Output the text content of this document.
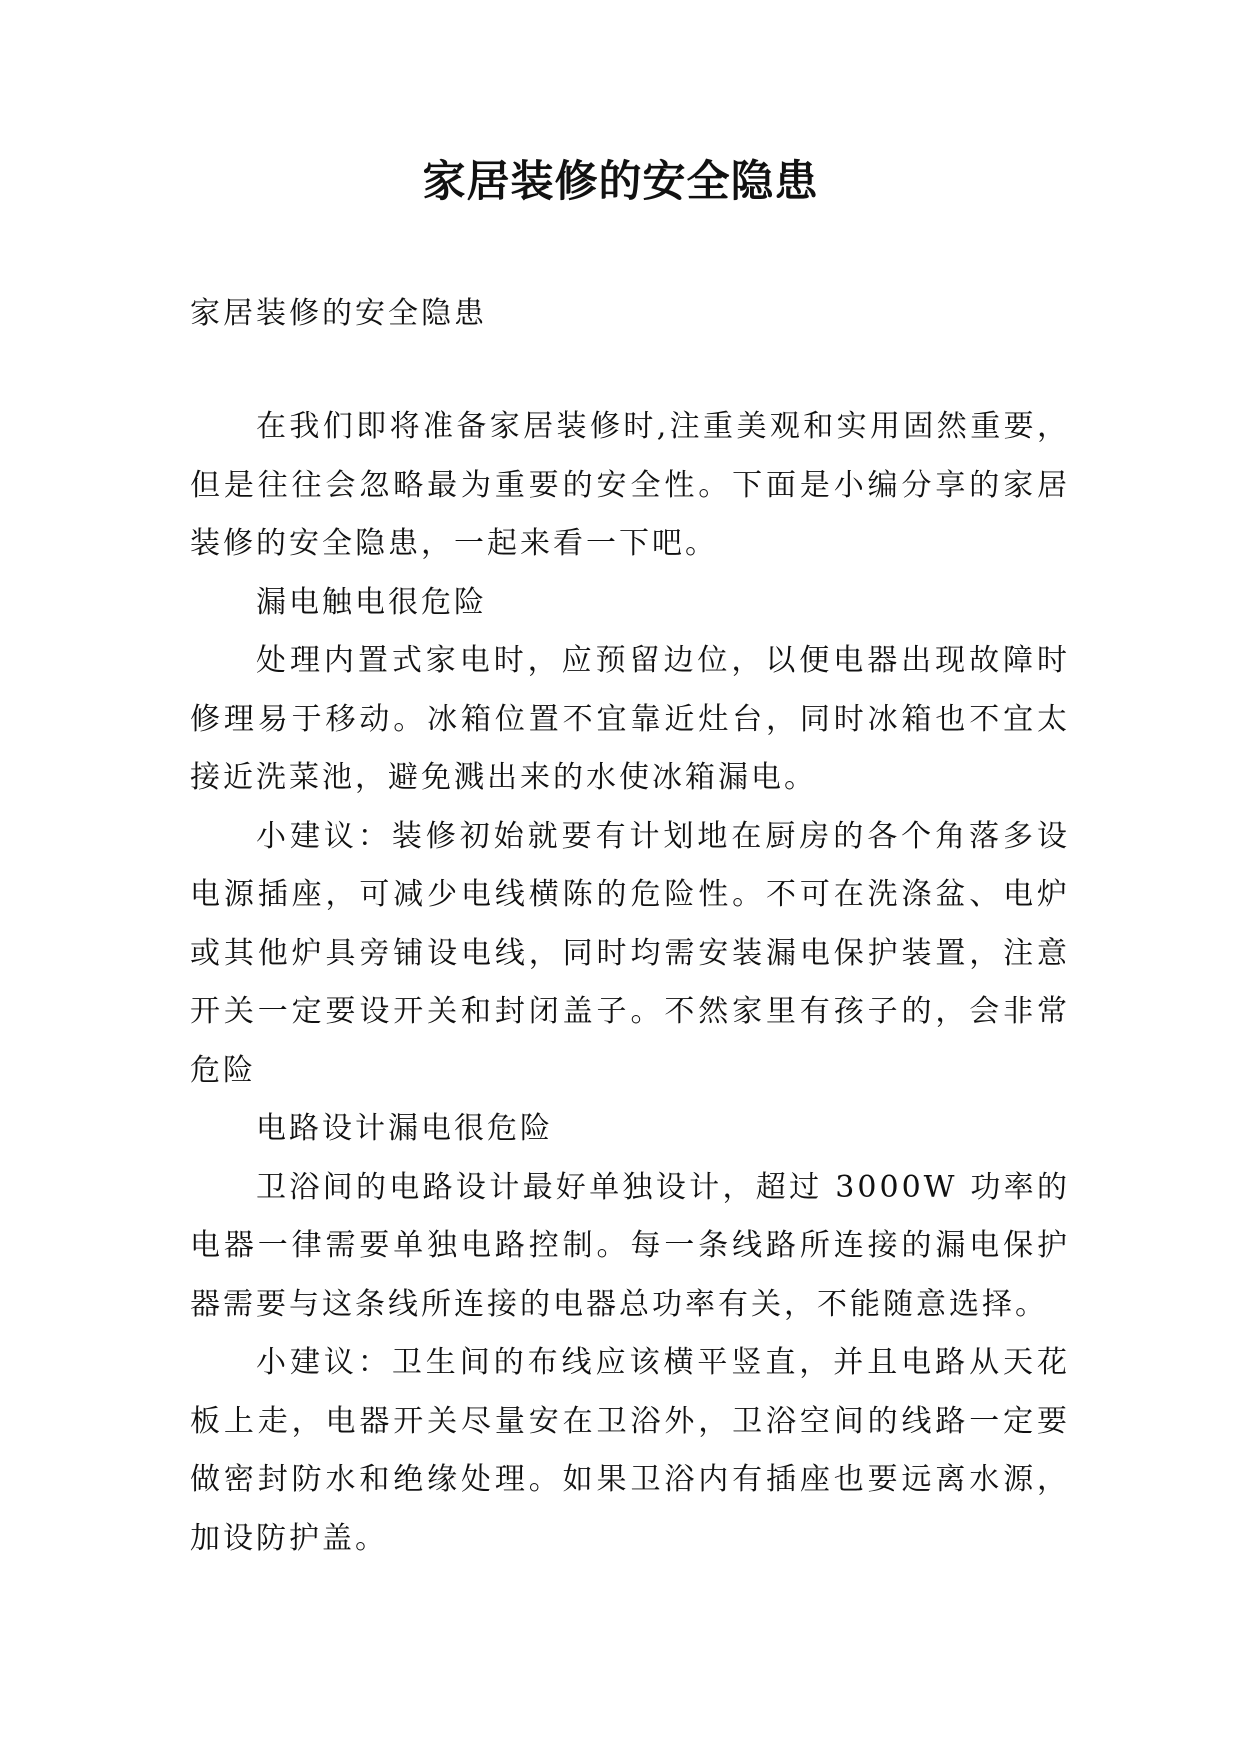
家居装修的安全隐患
家居装修的安全隐患

在我们即将准备家居装修时,注重美观和实用固然重要，但是往往会忽略最为重要的安全性。下面是小编分享的家居装修的安全隐患，一起来看一下吧。

漏电触电很危险

处理内置式家电时，应预留边位，以便电器出现故障时修理易于移动。冰箱位置不宜靠近灶台，同时冰箱也不宜太接近洗菜池，避免溅出来的水使冰箱漏电。

小建议：装修初始就要有计划地在厨房的各个角落多设电源插座，可减少电线横陈的危险性。不可在洗涤盆、电炉或其他炉具旁铺设电线，同时均需安装漏电保护装置，注意开关一定要设开关和封闭盖子。不然家里有孩子的，会非常危险

电路设计漏电很危险

卫浴间的电路设计最好单独设计，超过 3000W 功率的电器一律需要单独电路控制。每一条线路所连接的漏电保护器需要与这条线所连接的电器总功率有关，不能随意选择。

小建议：卫生间的布线应该横平竖直，并且电路从天花板上走，电器开关尽量安在卫浴外，卫浴空间的线路一定要做密封防水和绝缘处理。如果卫浴内有插座也要远离水源，加设防护盖。
